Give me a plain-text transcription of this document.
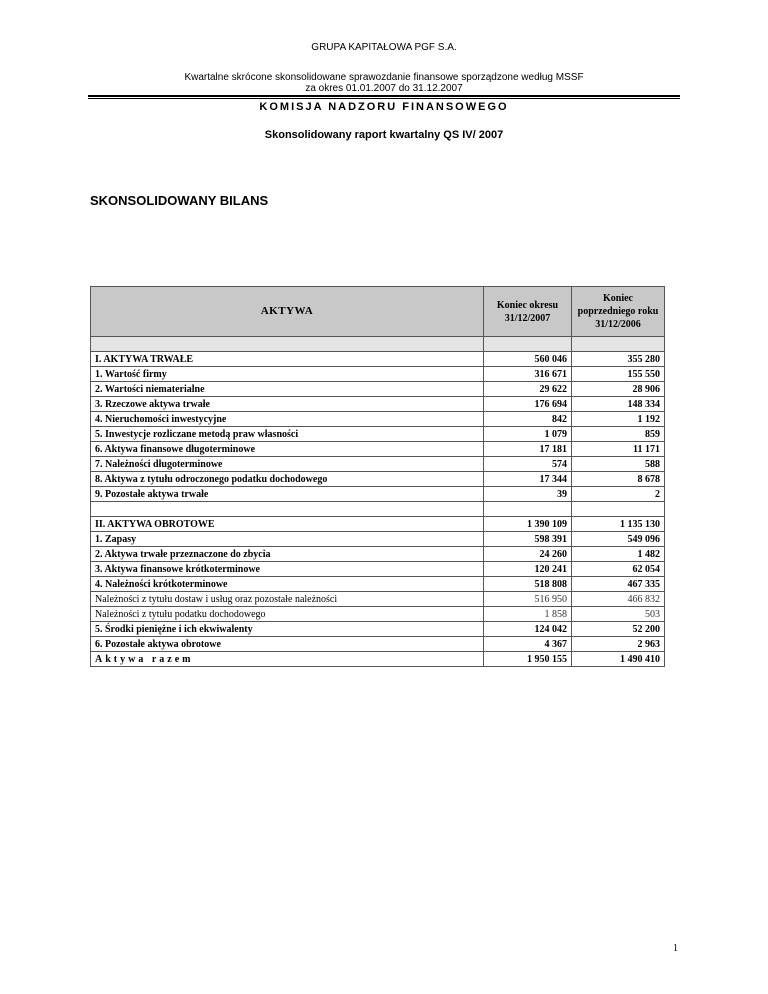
GRUPA KAPITAŁOWA PGF S.A.
Kwartalne skrócone skonsolidowane sprawozdanie finansowe sporządzone według MSSF
za okres 01.01.2007 do 31.12.2007
KOMISJA NADZORU FINANSOWEGO
Skonsolidowany raport kwartalny QS IV/ 2007
SKONSOLIDOWANY BILANS
AKTYWA	Koniec okresu 31/12/2007	Koniec poprzedniego roku 31/12/2006

I. AKTYWA TRWAŁE	560 046	355 280
1. Wartość firmy	316 671	155 550
2. Wartości niematerialne	29 622	28 906
3. Rzeczowe aktywa trwałe	176 694	148 334
4. Nieruchomości inwestycyjne	842	1 192
5. Inwestycje rozliczane metodą praw własności	1 079	859
6. Aktywa finansowe długoterminowe	17 181	11 171
7. Należności długoterminowe	574	588
8. Aktywa z tytułu odroczonego podatku dochodowego	17 344	8 678
9. Pozostałe aktywa trwałe	39	2

II. AKTYWA OBROTOWE	1 390 109	1 135 130
1. Zapasy	598 391	549 096
2. Aktywa trwałe przeznaczone do zbycia	24 260	1 482
3. Aktywa finansowe krótkoterminowe	120 241	62 054
4. Należności krótkoterminowe	518 808	467 335
Należności z tytułu dostaw i usług oraz pozostałe należności	516 950	466 832
Należności z tytułu podatku dochodowego	1 858	503
5. Środki pieniężne i ich ekwiwalenty	124 042	52 200
6. Pozostałe aktywa obrotowe	4 367	2 963
Aktywa razem	1 950 155	1 490 410
1
